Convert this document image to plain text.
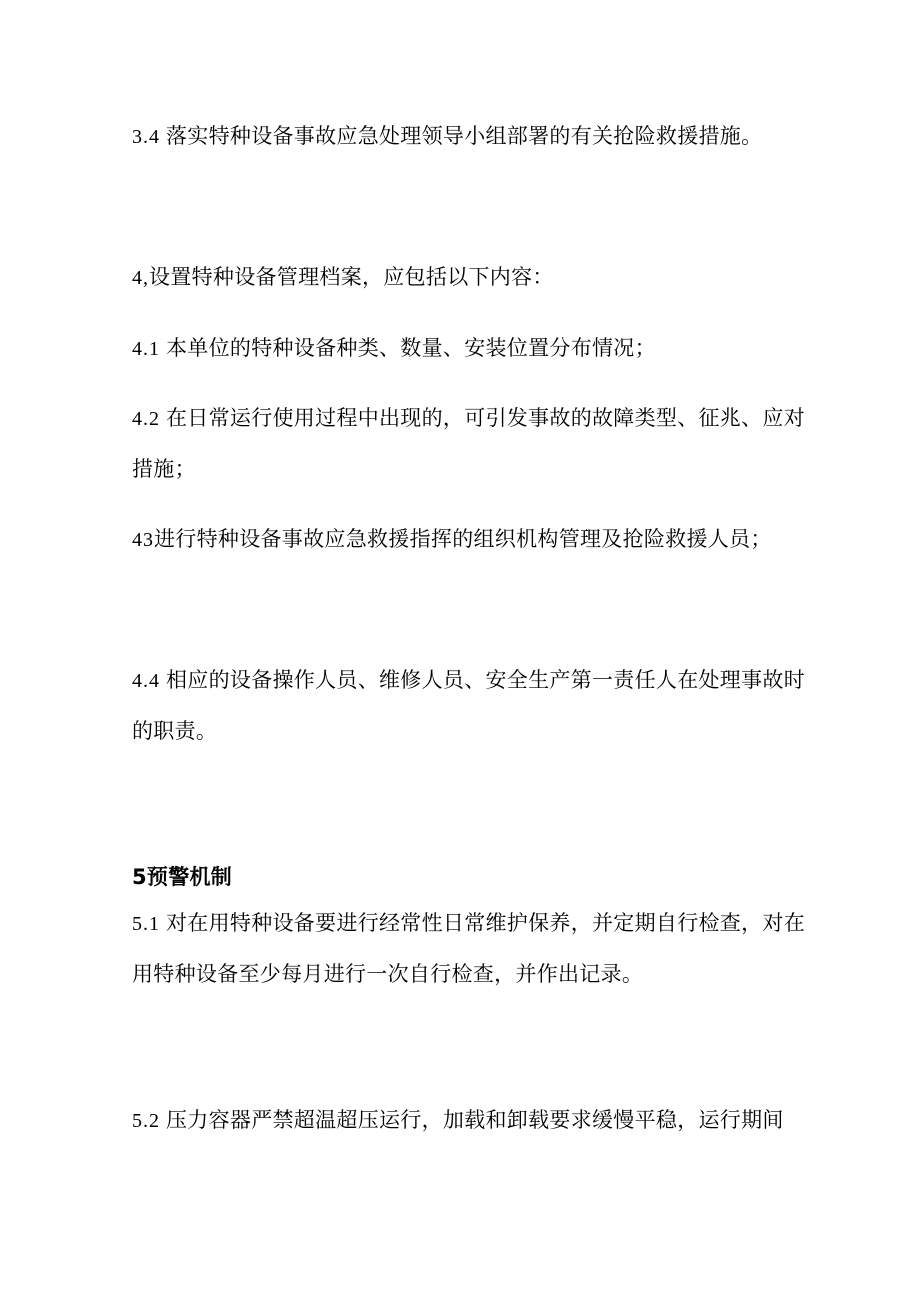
3.4 落实特种设备事故应急处理领导小组部署的有关抢险救援措施。
4,设置特种设备管理档案，应包括以下内容：
4.1 本单位的特种设备种类、数量、安装位置分布情况；
4.2 在日常运行使用过程中出现的，可引发事故的故障类型、征兆、应对
措施；
43进行特种设备事故应急救援指挥的组织机构管理及抢险救援人员；
4.4 相应的设备操作人员、维修人员、安全生产第一责任人在处理事故时
的职责。
5预警机制
5.1 对在用特种设备要进行经常性日常维护保养，并定期自行检查，对在
用特种设备至少每月进行一次自行检查，并作出记录。
5.2 压力容器严禁超温超压运行，加载和卸载要求缓慢平稳，运行期间
